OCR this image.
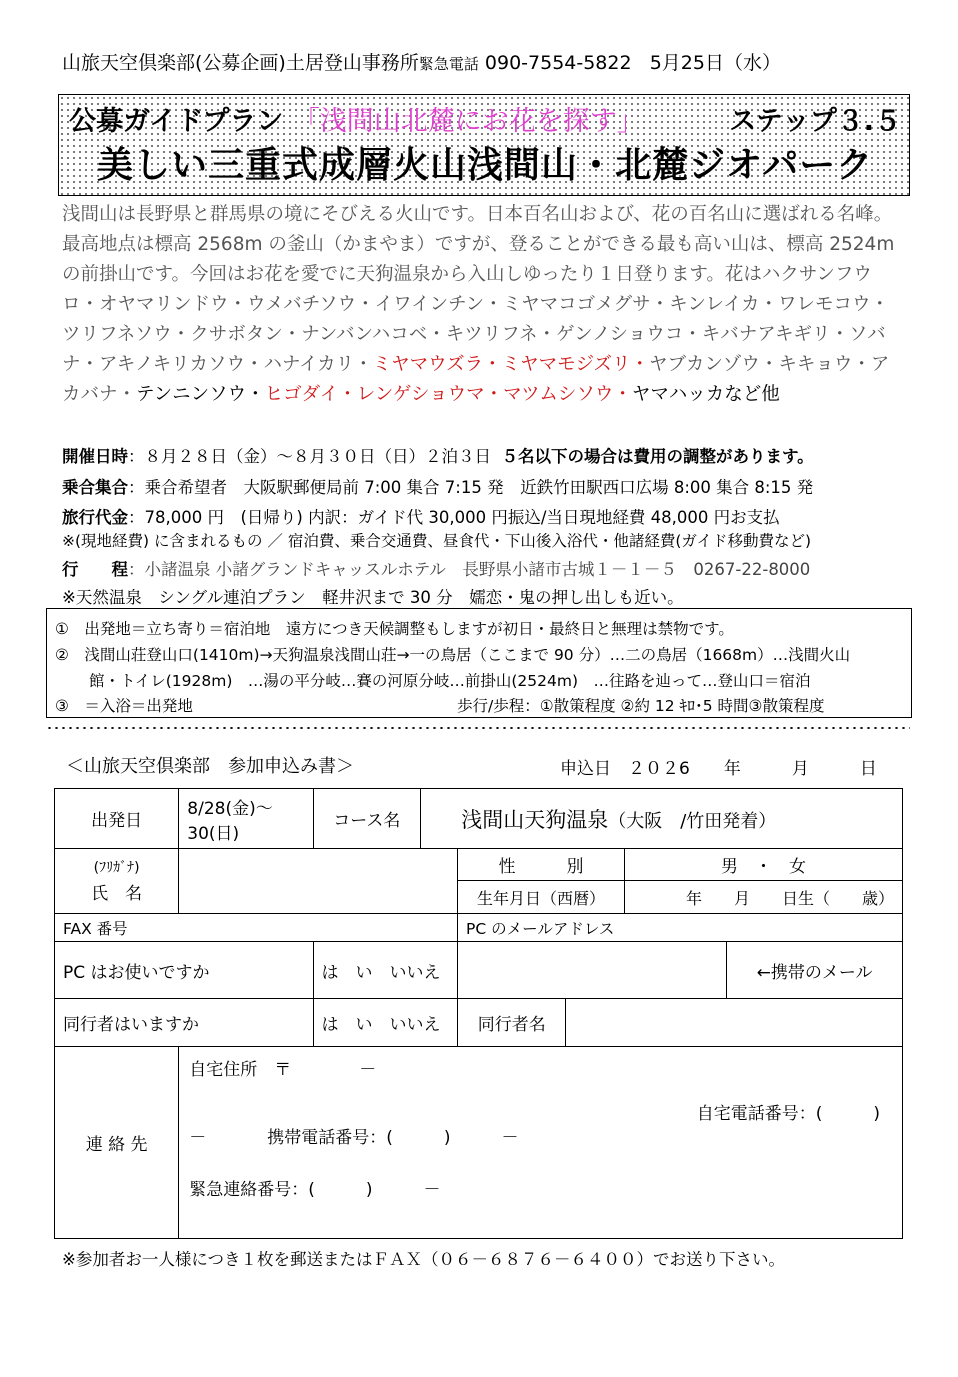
山旅天空倶楽部(公募企画)土居登山事務所緊急電話 090-7554-5822 5月25日（水）
公募ガイドプラン 「浅間山北麓にお花を探す」	ステップ３.５
美しい三重式成層火山浅間山・北麓ジオパーク
浅間山は長野県と群馬県の境にそびえる火山です。日本百名山および、花の百名山に選ばれる名峰。最高地点は標高 2568m の釜山（かまやま）ですが、登ることができる最も高い山は、標高 2524m の前掛山です。今回はお花を愛でに天狗温泉から入山しゆったり１日登ります。花はハクサンフウロ・オヤマリンドウ・ウメバチソウ・イワインチン・ミヤマコゴメグサ・キンレイカ・ワレモコウ・ツリフネソウ・クサボタン・ナンバンハコベ・キツリフネ・ゲンノショウコ・キバナアキギリ・ソバナ・アキノキリカソウ・ハナイカリ・ミヤマウズラ・ミヤマモジズリ・ヤブカンゾウ・キキョウ・アカバナ・テンニンソウ・ヒゴダイ・レンゲショウマ・マツムシソウ・ヤマハッカなど他
開催日時：８月２８日（金）～８月３０日（日）２泊３日 ５名以下の場合は費用の調整があります。
乗合集合：乗合希望者　大阪駅郵便局前 7:00 集合 7:15 発　近鉄竹田駅西口広場 8:00 集合 8:15 発
旅行代金：78,000 円　(日帰り) 内訳：ガイド代 30,000 円振込/当日現地経費 48,000 円お支払
※(現地経費) に含まれるもの ／ 宿泊費、乗合交通費、昼食代・下山後入浴代・他諸経費(ガイド移動費など)
行　　程：小諸温泉 小諸グランドキャッスルホテル　長野県小諸市古城１－１－５　0267-22-8000
※天然温泉　シングル連泊プラン　軽井沢まで 30 分　嬬恋・鬼の押し出しも近い。
①　出発地＝立ち寄り＝宿泊地　遠方につき天候調整もしますが初日・最終日と無理は禁物です。
②　浅間山荘登山口(1410m)→天狗温泉浅間山荘→一の鳥居（ここまで 90 分）…二の鳥居（1668m）…浅間火山
館・トイレ(1928m)　…湯の平分岐…賽の河原分岐…前掛山(2524m)　…往路を辿って…登山口＝宿泊
③　＝入浴＝出発地	歩行/歩程：①散策程度 ②約 12 ｷﾛ･5 時間③散策程度
＜山旅天空倶楽部　参加申込み書＞	申込日　２０２6　　年　　　月　　　日
出発日	8/28(金)～30(日)	コース名	浅間山天狗温泉（大阪　/竹田発着）				

(ﾌﾘｶﾞﾅ)
氏　名				性　　　別		男　・　女	
				生年月日（西暦）		年　　月　　日生（　　歳）	
FAX 番号				PC のメールアドレス			
PC はお使いですか		は　い　いいえ					←携帯のメール
同行者はいますか		は　い　いいえ		同行者名			
連 絡 先	自宅住所　〒　　　　－
自宅電話番号：(　　　)
－ 携帯電話番号：(　　　)　　　－
緊急連絡番号：(　　　)　　　－						
※参加者お一人様につき１枚を郵送またはＦＡＸ（０６－６８７６－６４００）でお送り下さい。
